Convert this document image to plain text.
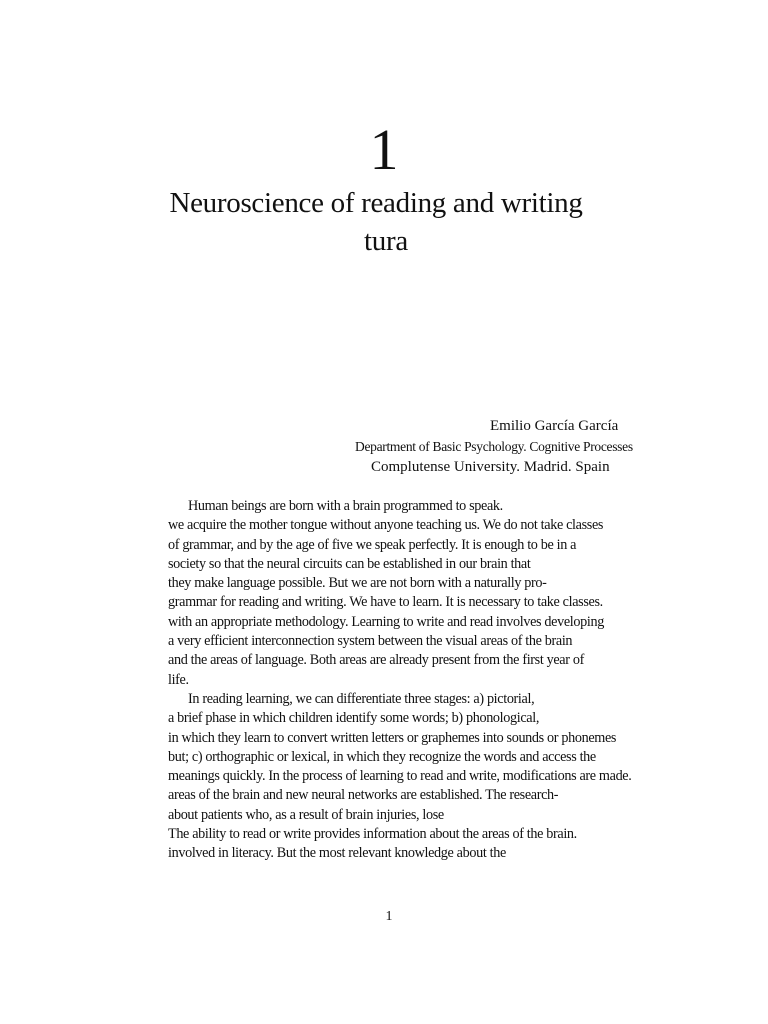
1
Neuroscience of reading and writing
tura
Emilio García García
Department of Basic Psychology. Cognitive Processes
Complutense University. Madrid. Spain
Human beings are born with a brain programmed to speak.
we acquire the mother tongue without anyone teaching us. We do not take classes
of grammar, and by the age of five we speak perfectly. It is enough to be in a
society so that the neural circuits can be established in our brain that
they make language possible. But we are not born with a naturally pro-
grammar for reading and writing. We have to learn. It is necessary to take classes.
with an appropriate methodology. Learning to write and read involves developing
a very efficient interconnection system between the visual areas of the brain
and the areas of language. Both areas are already present from the first year of
life.
In reading learning, we can differentiate three stages: a) pictorial,
a brief phase in which children identify some words; b) phonological,
in which they learn to convert written letters or graphemes into sounds or phonemes
but; c) orthographic or lexical, in which they recognize the words and access the
meanings quickly. In the process of learning to read and write, modifications are made.
areas of the brain and new neural networks are established. The research-
about patients who, as a result of brain injuries, lose
The ability to read or write provides information about the areas of the brain.
involved in literacy. But the most relevant knowledge about the
1
